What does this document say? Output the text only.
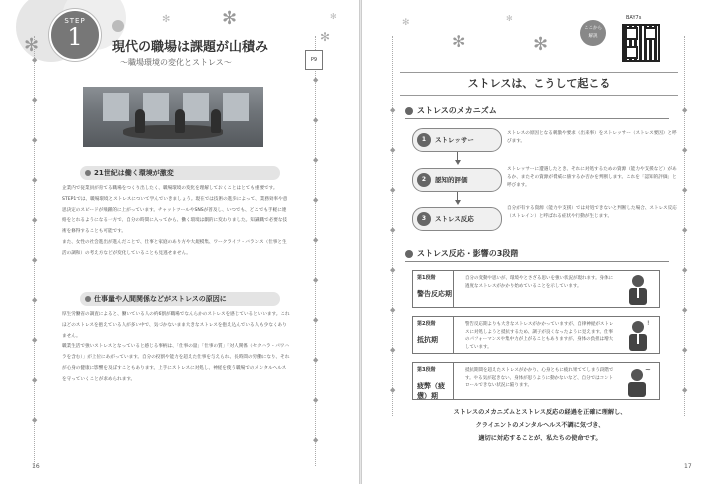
✻
✻
✻
✻
✻
◆
◆
◆
◆
◆
◆
◆
◆
◆
◆
◆
◆
◆
◆
◆
◆
◆
◆
◆
◆
STEP
1	現代の職場は課題が山積み
〜職場環境の変化とストレス〜	P9
21世紀は働く環境が激変

企業内で従業員が育てる職場をつくり出したく、職場環境の変化を理解しておくことはとても重要です。STEP1では、職場環境とストレスについて学んでいきましょう。現在では技術の進歩によって、業務効率や意思決定のスピードが飛躍的に上がっています。チャットツールやSNSが普及し、いつでも、どこでも手軽に連絡をとれるようになる一方で、自分の時間に入ってから、働く環境は劇的に変わりました。知識職で必要な技術を修得することも可能です。

また、女性の社会進出が進んだことで、仕事と家庭のあり方や大規模集、ワークライフ・バランス（仕事と生活の調和）の考え方などが変化していることも見逃せません。

仕事量や人間関係などがストレスの原因に

厚生労働省の調査によると、働いている人の約6割が職場でなんらかのストレスを感じているといいます。これほどのストレスを抱えている人が多い中で、気づかないまま大きなストレスを抱え込んでいる人も少なくありません。

職業生活で強いストレスとなっていると感じる事柄は、「仕事の量」「仕事の質」「対人関係（セクハラ・パワハラを含む）」が上位にあがっています。自分の役割や能力を超えた仕事を与えられ、長時間の労働になり、それが心身の健康に影響を及ぼすこともあります。上手にストレスに対処し、神経を使う職場でのメンタルヘルスを守っていくことが求められます。

16
✻	✻
✻	✻
◆
◆
◆
◆
◆
◆
◆
◆
◆
◆
◆
◆
◆
◆
◆
◆
ここから
解説
BAY7s
ストレスは、こうして起こる
ストレスのメカニズム
1 ストレッサー
ストレスの原因となる刺激や要求（出来事）をストレッサー（ストレス要因）と呼びます。
2 認知的評価
ストレッサーに遭遇したとき、それに対処するための資源（能力や支援など）があるか、またその資源が脅威に値するか否かを判断します。これを「認知的評価」と呼びます。
3 ストレス反応
自分が有する資源（能力や支援）では対処できないと判断した場合、ストレス反応（ストレイン）と呼ばれる症状や行動が生じます。
ストレス反応・影響の3段階
第1段階
警告反応期
自分の変動や思いが、環境やとさざる思いを強い状況が現れます。身体に過度なストレスがかかり始めていることを示しています。
第2段階
抵抗期
警告反応期よりも大きなストレスがかかっていますが、自律神経がストレスに対処しようと抵抗するため、調子が良くなったように見えます。仕事のパフォーマンスや集中力が上がることもありますが、身体の負担は増大しています。
!
第3段階
疲弊（疲憊）期
抵抗期間を超えたストレスがかかり、心身ともに疲れ果ててしまう段階です。やる気が起きない、身体が思うように動かないなど、自分ではコントロールできない状況に陥ります。
~
ストレスのメカニズムとストレス反応の経過を正確に理解し、
クライエントのメンタルヘルス不調に気づき、
適切に対応することが、私たちの使命です。
17
